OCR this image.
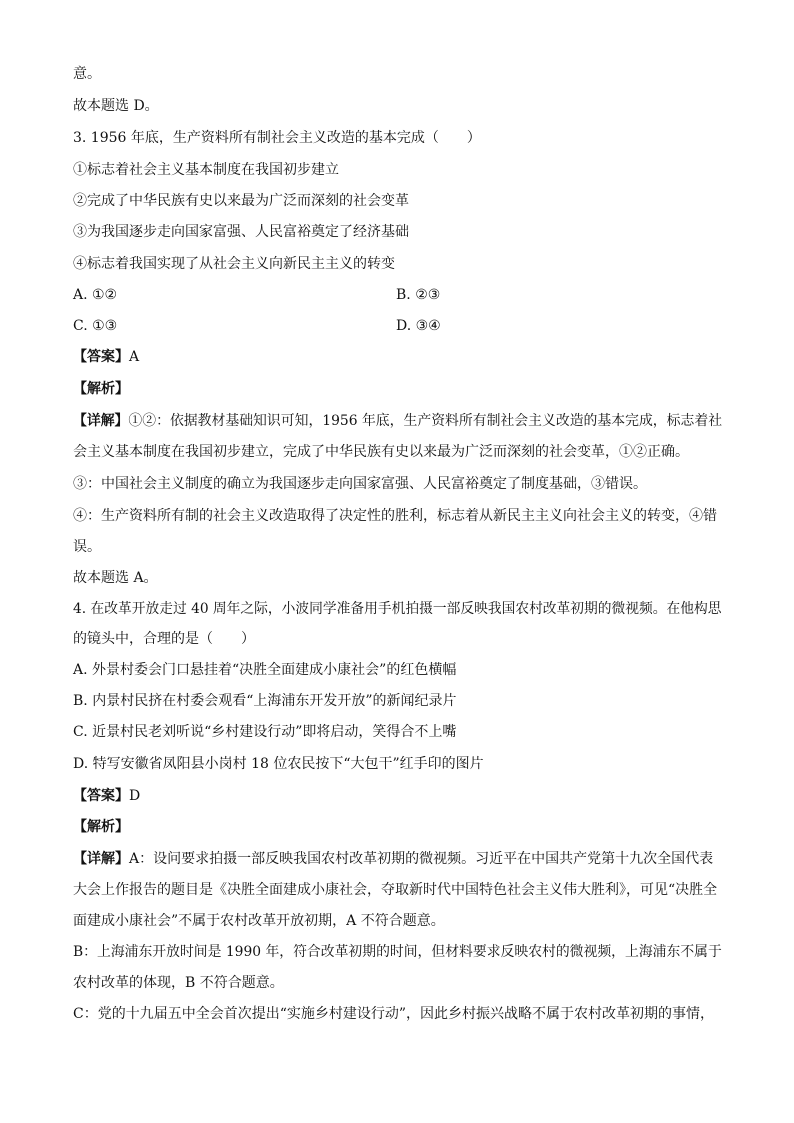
意。
故本题选 D。
3. 1956 年底，生产资料所有制社会主义改造的基本完成（　　）
①标志着社会主义基本制度在我国初步建立
②完成了中华民族有史以来最为广泛而深刻的社会变革
③为我国逐步走向国家富强、人民富裕奠定了经济基础
④标志着我国实现了从社会主义向新民主主义的转变
A. ①②	B. ②③
C. ①③	D. ③④
【答案】A
【解析】
【详解】①②：依据教材基础知识可知，1956 年底，生产资料所有制社会主义改造的基本完成，标志着社
会主义基本制度在我国初步建立，完成了中华民族有史以来最为广泛而深刻的社会变革，①②正确。
③：中国社会主义制度的确立为我国逐步走向国家富强、人民富裕奠定了制度基础，③错误。
④：生产资料所有制的社会主义改造取得了决定性的胜利，标志着从新民主主义向社会主义的转变，④错
误。
故本题选 A。
4. 在改革开放走过 40 周年之际，小波同学准备用手机拍摄一部反映我国农村改革初期的微视频。在他构思
的镜头中，合理的是（　　）
A. 外景村委会门口悬挂着“决胜全面建成小康社会”的红色横幅
B. 内景村民挤在村委会观看“上海浦东开发开放”的新闻纪录片
C. 近景村民老刘听说“乡村建设行动”即将启动，笑得合不上嘴
D. 特写安徽省凤阳县小岗村 18 位农民按下“大包干”红手印的图片
【答案】D
【解析】
【详解】A：设问要求拍摄一部反映我国农村改革初期的微视频。习近平在中国共产党第十九次全国代表
大会上作报告的题目是《决胜全面建成小康社会，夺取新时代中国特色社会主义伟大胜利》，可见“决胜全
面建成小康社会”不属于农村改革开放初期，A 不符合题意。
B：上海浦东开放时间是 1990 年，符合改革初期的时间，但材料要求反映农村的微视频，上海浦东不属于
农村改革的体现，B 不符合题意。
C：党的十九届五中全会首次提出“实施乡村建设行动”，因此乡村振兴战略不属于农村改革初期的事情，
